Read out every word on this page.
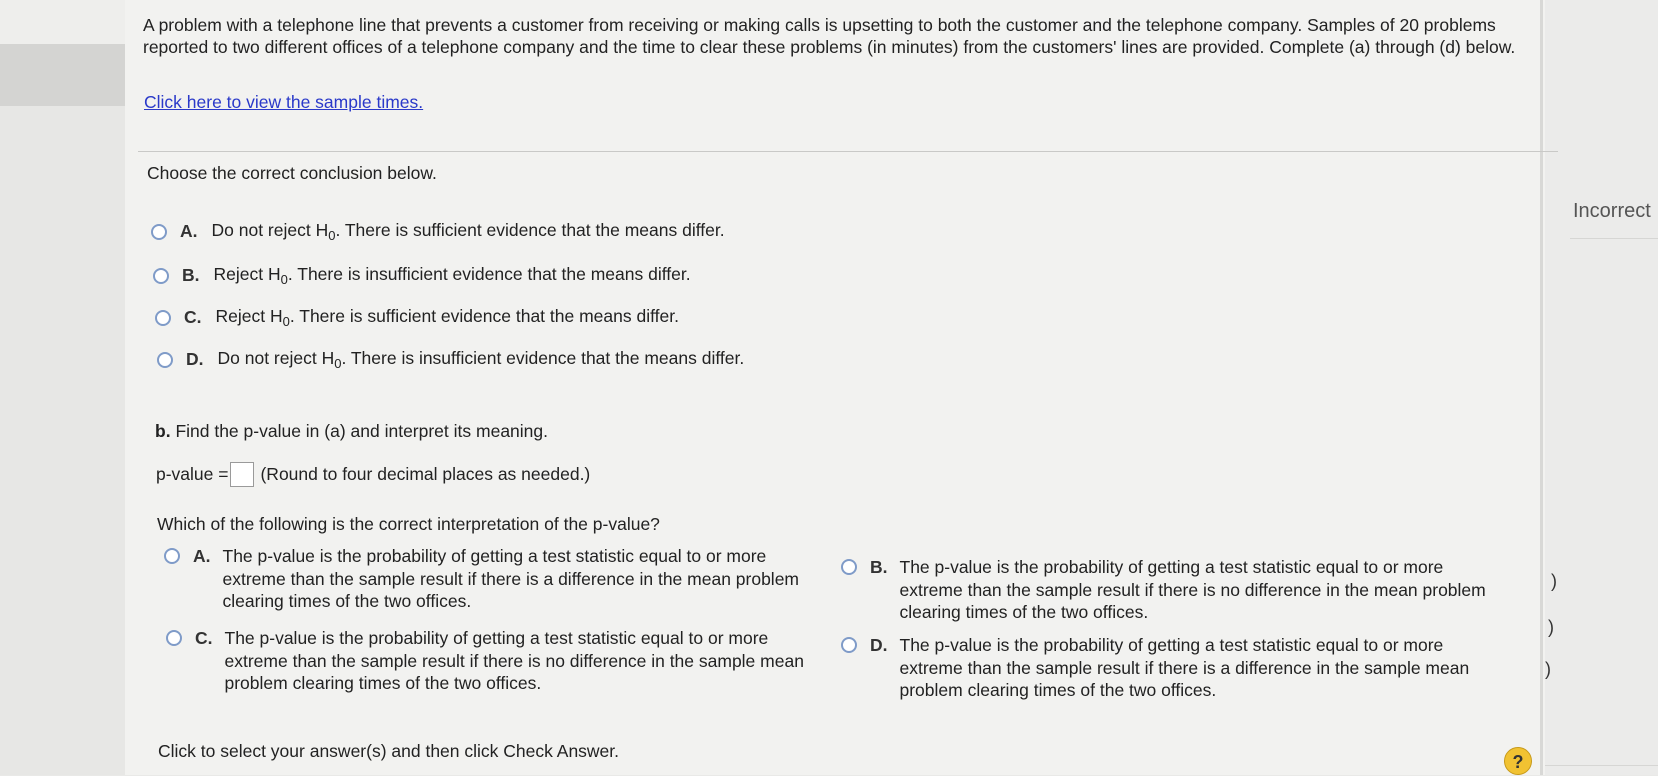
Incorrect
)
)
)
A problem with a telephone line that prevents a customer from receiving or making calls is upsetting to both the customer and the telephone company. Samples of 20 problems reported to two different offices of a telephone company and the time to clear these problems (in minutes) from the customers' lines are provided. Complete (a) through (d) below.
Click here to view the sample times.
Choose the correct conclusion below.
A. Do not reject $H_0$. There is sufficient evidence that the means differ.
B. Reject $H_0$. There is insufficient evidence that the means differ.
C. Reject $H_0$. There is sufficient evidence that the means differ.
D. Do not reject $H_0$. There is insufficient evidence that the means differ.
b. Find the p-value in (a) and interpret its meaning.
p-value = (Round to four decimal places as needed.)
Which of the following is the correct interpretation of the p-value?
A. The p-value is the probability of getting a test statistic equal to or more extreme than the sample result if there is a difference in the mean problem clearing times of the two offices.
B. The p-value is the probability of getting a test statistic equal to or more extreme than the sample result if there is no difference in the mean problem clearing times of the two offices.
C. The p-value is the probability of getting a test statistic equal to or more extreme than the sample result if there is no difference in the sample mean problem clearing times of the two offices.
D. The p-value is the probability of getting a test statistic equal to or more extreme than the sample result if there is a difference in the sample mean problem clearing times of the two offices.
Click to select your answer(s) and then click Check Answer.
?
